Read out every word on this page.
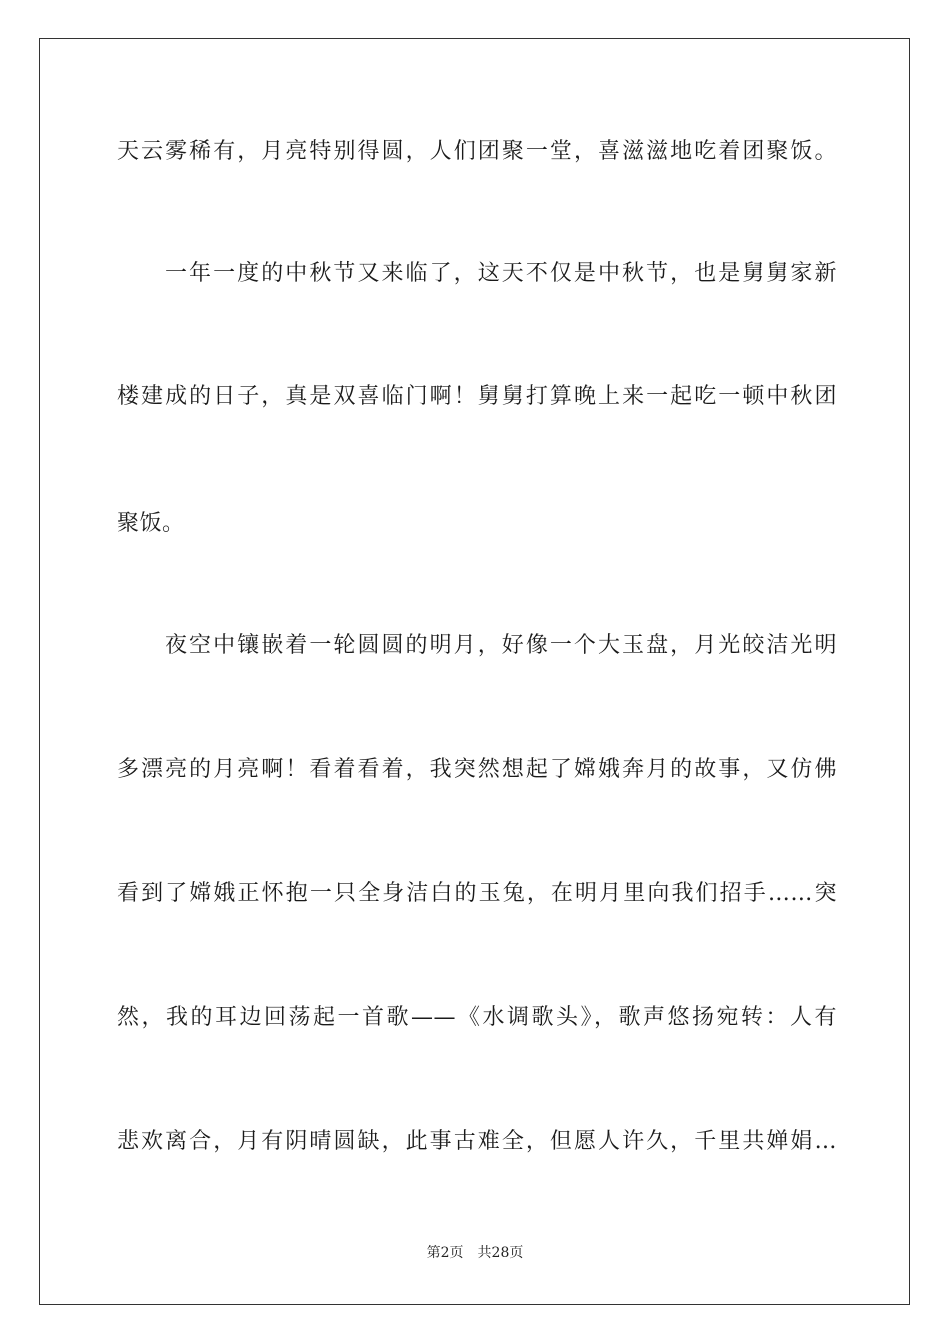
天云雾稀有，月亮特别得圆，人们团聚一堂，喜滋滋地吃着团聚饭。
一年一度的中秋节又来临了，这天不仅是中秋节，也是舅舅家新
楼建成的日子，真是双喜临门啊！舅舅打算晚上来一起吃一顿中秋团
聚饭。
夜空中镶嵌着一轮圆圆的明月，好像一个大玉盘，月光皎洁光明
多漂亮的月亮啊！看着看着，我突然想起了嫦娥奔月的故事，又仿佛
看到了嫦娥正怀抱一只全身洁白的玉兔，在明月里向我们招手……突
然，我的耳边回荡起一首歌——《水调歌头》，歌声悠扬宛转：人有
悲欢离合，月有阴晴圆缺，此事古难全，但愿人许久，千里共婵娟…
第2页 共28页
